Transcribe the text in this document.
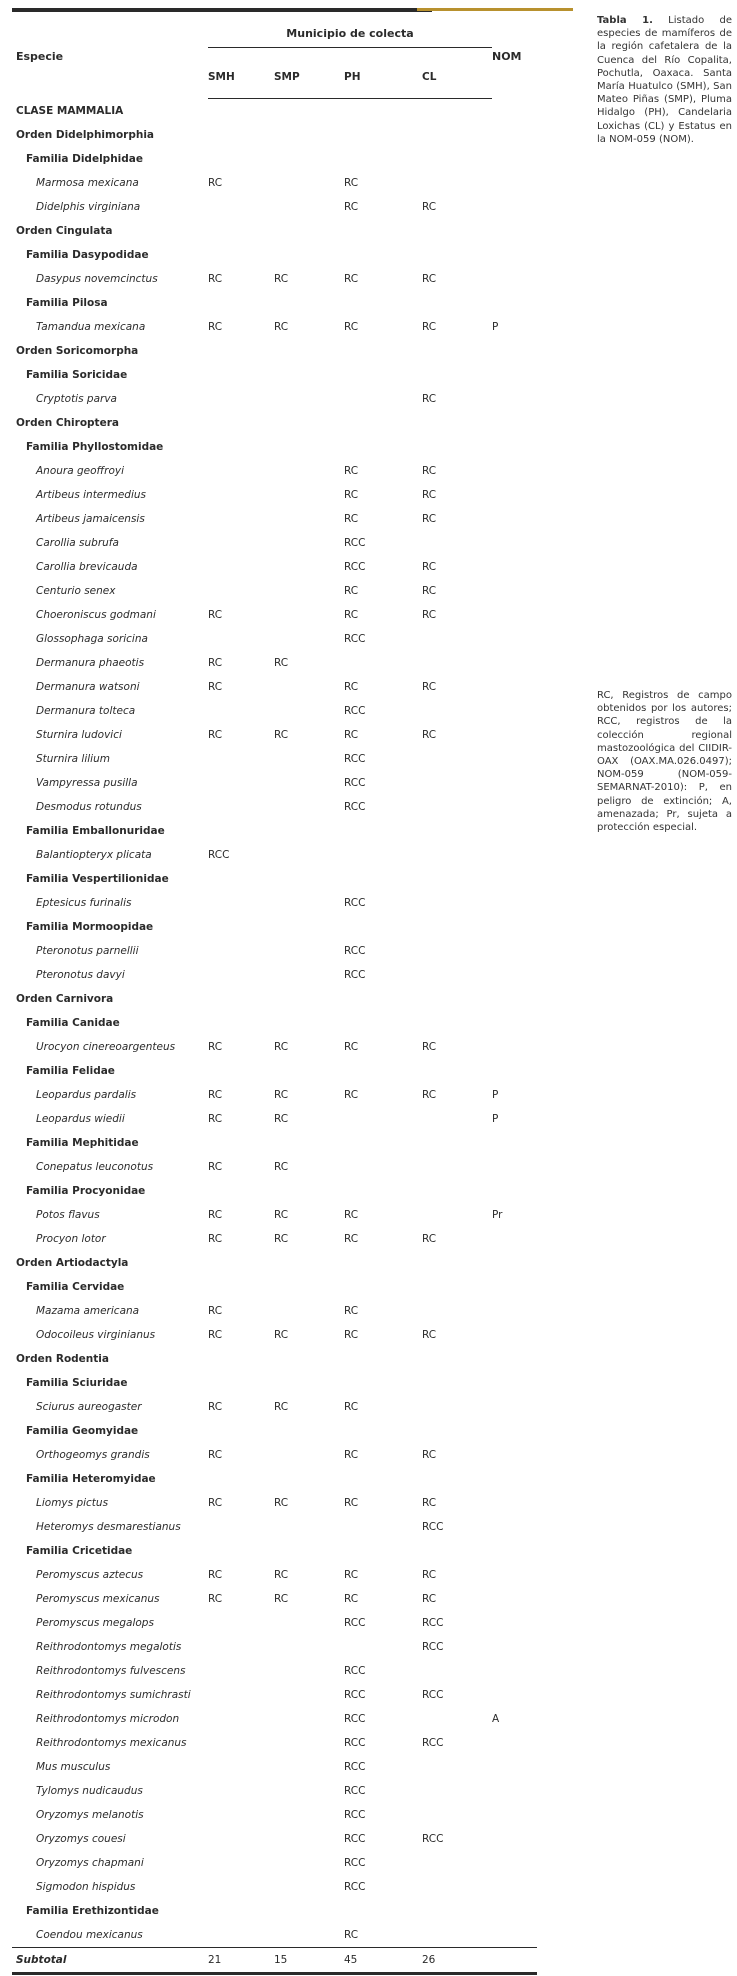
Especie	Municipio de colecta				NOM
	SMH	SMP	PH	CL	
CLASE MAMMALIA					
Orden Didelphimorphia					
Familia Didelphidae					
Marmosa mexicana	RC		RC		
Didelphis virginiana			RC	RC	
Orden Cingulata					
Familia Dasypodidae					
Dasypus novemcinctus	RC	RC	RC	RC	
Familia Pilosa					
Tamandua mexicana	RC	RC	RC	RC	P
Orden Soricomorpha					
Familia Soricidae					
Cryptotis parva				RC	
Orden Chiroptera					
Familia Phyllostomidae					
Anoura geoffroyi			RC	RC	
Artibeus intermedius			RC	RC	
Artibeus jamaicensis			RC	RC	
Carollia subrufa			RCC		
Carollia brevicauda			RCC	RC	
Centurio senex			RC	RC	
Choeroniscus godmani	RC		RC	RC	
Glossophaga soricina			RCC		
Dermanura phaeotis	RC	RC			
Dermanura watsoni	RC		RC	RC	
Dermanura tolteca			RCC		
Sturnira ludovici	RC	RC	RC	RC	
Sturnira lilium			RCC		
Vampyressa pusilla			RCC		
Desmodus rotundus			RCC		
Familia Emballonuridae					
Balantiopteryx plicata	RCC				
Familia Vespertilionidae					
Eptesicus furinalis			RCC		
Familia Mormoopidae					
Pteronotus parnellii			RCC		
Pteronotus davyi			RCC		
Orden Carnivora					
Familia Canidae					
Urocyon cinereoargenteus	RC	RC	RC	RC	
Familia Felidae					
Leopardus pardalis	RC	RC	RC	RC	P
Leopardus wiedii	RC	RC			P
Familia Mephitidae					
Conepatus leuconotus	RC	RC			
Familia Procyonidae					
Potos flavus	RC	RC	RC		Pr
Procyon lotor	RC	RC	RC	RC	
Orden Artiodactyla					
Familia Cervidae					
Mazama americana	RC		RC		
Odocoileus virginianus	RC	RC	RC	RC	
Orden Rodentia					
Familia Sciuridae					
Sciurus aureogaster	RC	RC	RC		
Familia Geomyidae					
Orthogeomys grandis	RC		RC	RC	
Familia Heteromyidae					
Liomys pictus	RC	RC	RC	RC	
Heteromys desmarestianus				RCC	
Familia Cricetidae					
Peromyscus aztecus	RC	RC	RC	RC	
Peromyscus mexicanus	RC	RC	RC	RC	
Peromyscus megalops			RCC	RCC	
Reithrodontomys megalotis				RCC	
Reithrodontomys fulvescens			RCC		
Reithrodontomys sumichrasti			RCC	RCC	
Reithrodontomys microdon			RCC		A
Reithrodontomys mexicanus			RCC	RCC	
Mus musculus			RCC		
Tylomys nudicaudus			RCC		
Oryzomys melanotis			RCC		
Oryzomys couesi			RCC	RCC	
Oryzomys chapmani			RCC		
Sigmodon hispidus			RCC		
Familia Erethizontidae					
Coendou mexicanus			RC		
Subtotal	21	15	45	26	
Tabla 1. Listado de especies de mamíferos de la región cafetalera de la Cuenca del Río Copalita, Pochutla, Oaxaca. Santa María Huatulco (SMH), San Mateo Piñas (SMP), Pluma Hidalgo (PH), Candelaria Loxichas (CL) y Estatus en la NOM-059 (NOM).
RC, Registros de campo obtenidos por los autores; RCC, registros de la colección regional mastozoológica del CIIDIR-OAX (OAX.MA.026.0497); NOM-059 (NOM-059-SEMARNAT-2010): P, en peligro de extinción; A, amenazada; Pr, sujeta a protección especial.
